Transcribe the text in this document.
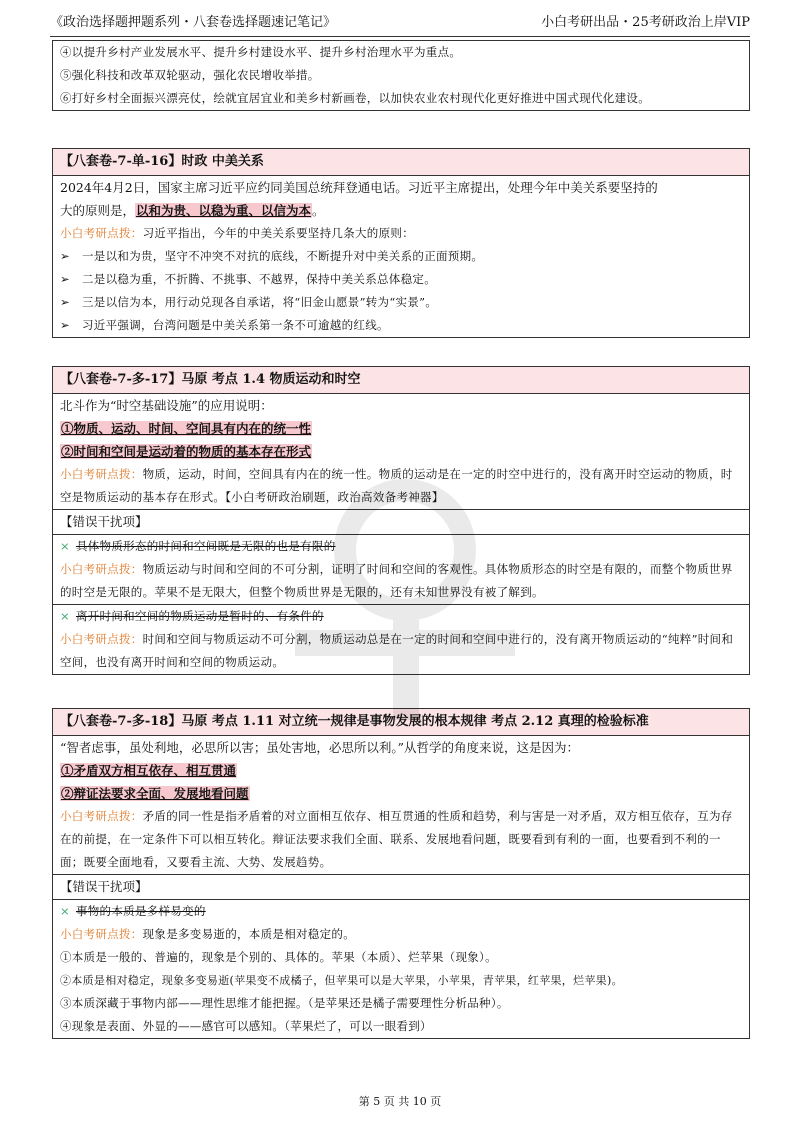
《政治选择题押题系列・八套卷选择题速记笔记》	小白考研出品・25考研政治上岸VIP
④以提升乡村产业发展水平、提升乡村建设水平、提升乡村治理水平为重点。
⑤强化科技和改革双轮驱动，强化农民增收举措。
⑥打好乡村全面振兴漂亮仗，绘就宜居宜业和美乡村新画卷，以加快农业农村现代化更好推进中国式现代化建设。
【八套卷-7-单-16】时政 中美关系
2024年4月2日，国家主席习近平应约同美国总统拜登通电话。习近平主席提出，处理今年中美关系要坚持的
大的原则是，以和为贵、以稳为重、以信为本。
小白考研点拨：习近平指出，今年的中美关系要坚持几条大的原则：
➢ 一是以和为贵，坚守不冲突不对抗的底线，不断提升对中美关系的正面预期。
➢ 二是以稳为重，不折腾、不挑事、不越界，保持中美关系总体稳定。
➢ 三是以信为本，用行动兑现各自承诺，将“旧金山愿景”转为“实景”。
➢ 习近平强调，台湾问题是中美关系第一条不可逾越的红线。
【八套卷-7-多-17】马原 考点 1.4 物质运动和时空
北斗作为“时空基础设施”的应用说明：
①物质、运动、时间、空间具有内在的统一性
②时间和空间是运动着的物质的基本存在形式
小白考研点拨：物质，运动，时间，空间具有内在的统一性。物质的运动是在一定的时空中进行的，没有离开时空运动的物质，时空是物质运动的基本存在形式。【小白考研政治刷题，政治高效备考神器】
【错误干扰项】
× 具体物质形态的时间和空间既是无限的也是有限的
小白考研点拨：物质运动与时间和空间的不可分割，证明了时间和空间的客观性。具体物质形态的时空是有限的，而整个物质世界的时空是无限的。苹果不是无限大，但整个物质世界是无限的，还有未知世界没有被了解到。
× 离开时间和空间的物质运动是暂时的、有条件的
小白考研点拨：时间和空间与物质运动不可分割，物质运动总是在一定的时间和空间中进行的，没有离开物质运动的“纯粹”时间和空间，也没有离开时间和空间的物质运动。
【八套卷-7-多-18】马原 考点 1.11 对立统一规律是事物发展的根本规律 考点 2.12 真理的检验标准
“智者虑事，虽处利地，必思所以害；虽处害地，必思所以利。”从哲学的角度来说，这是因为：
①矛盾双方相互依存、相互贯通
②辩证法要求全面、发展地看问题
小白考研点拨：矛盾的同一性是指矛盾着的对立面相互依存、相互贯通的性质和趋势，利与害是一对矛盾，双方相互依存，互为存在的前提，在一定条件下可以相互转化。辩证法要求我们全面、联系、发展地看问题，既要看到有利的一面，也要看到不利的一面；既要全面地看，又要看主流、大势、发展趋势。
【错误干扰项】
× 事物的本质是多样易变的
小白考研点拨：现象是多变易逝的，本质是相对稳定的。
①本质是一般的、普遍的，现象是个别的、具体的。苹果（本质）、烂苹果（现象）。
②本质是相对稳定，现象多变易逝(苹果变不成橘子，但苹果可以是大苹果，小苹果，青苹果，红苹果，烂苹果)。
③本质深藏于事物内部——理性思维才能把握。（是苹果还是橘子需要理性分析品种）。
④现象是表面、外显的——感官可以感知。（苹果烂了，可以一眼看到）
第 5 页 共 10 页
